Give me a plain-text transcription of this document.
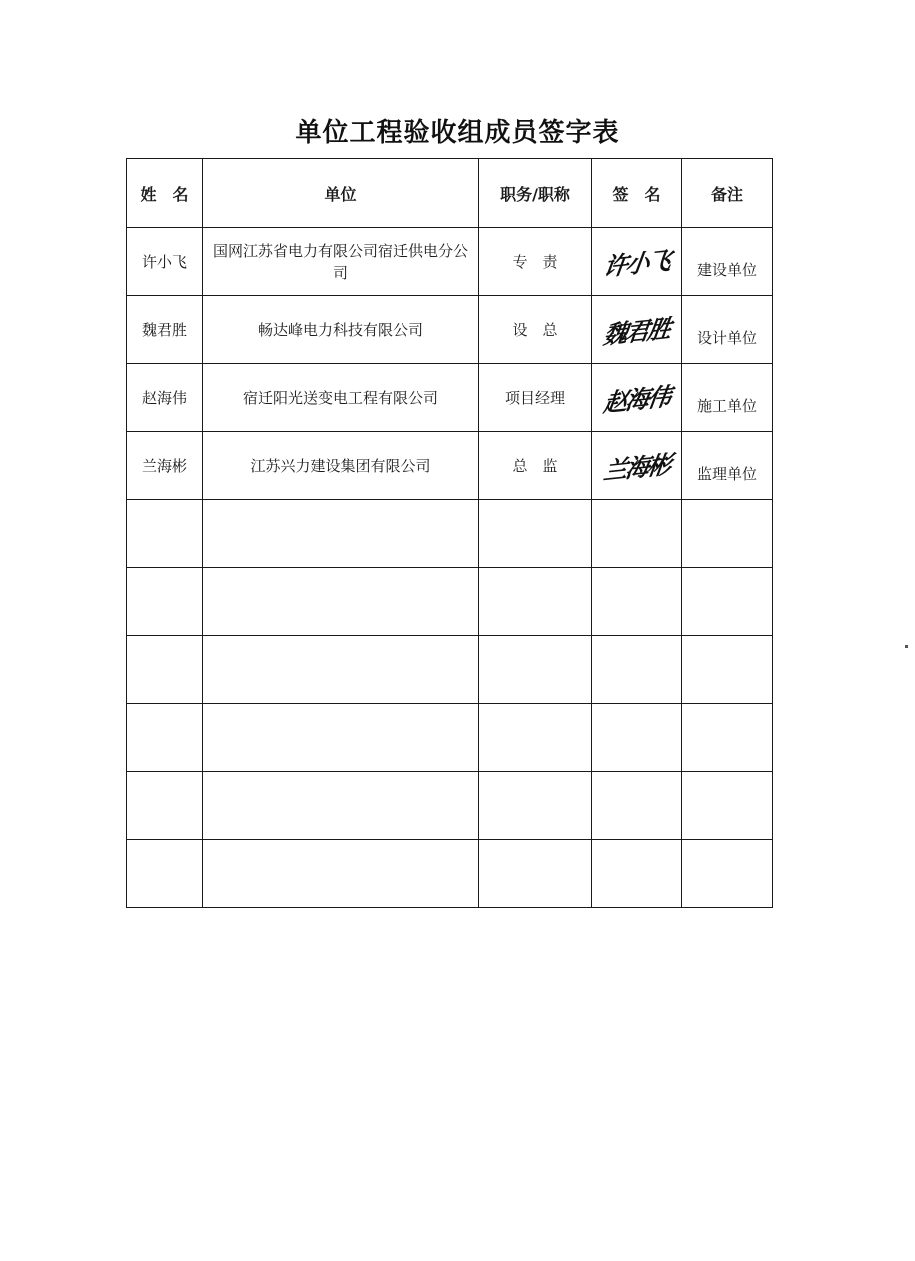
单位工程验收组成员签字表
姓　名	单位	职务/职称	签　名	备注
许小飞	国网江苏省电力有限公司宿迁供电分公司	专　责	许小飞	建设单位
魏君胜	畅达峰电力科技有限公司	设　总	魏君胜	设计单位
赵海伟	宿迁阳光送变电工程有限公司	项目经理	赵海伟	施工单位
兰海彬	江苏兴力建设集团有限公司	总　监	兰海彬	监理单位
